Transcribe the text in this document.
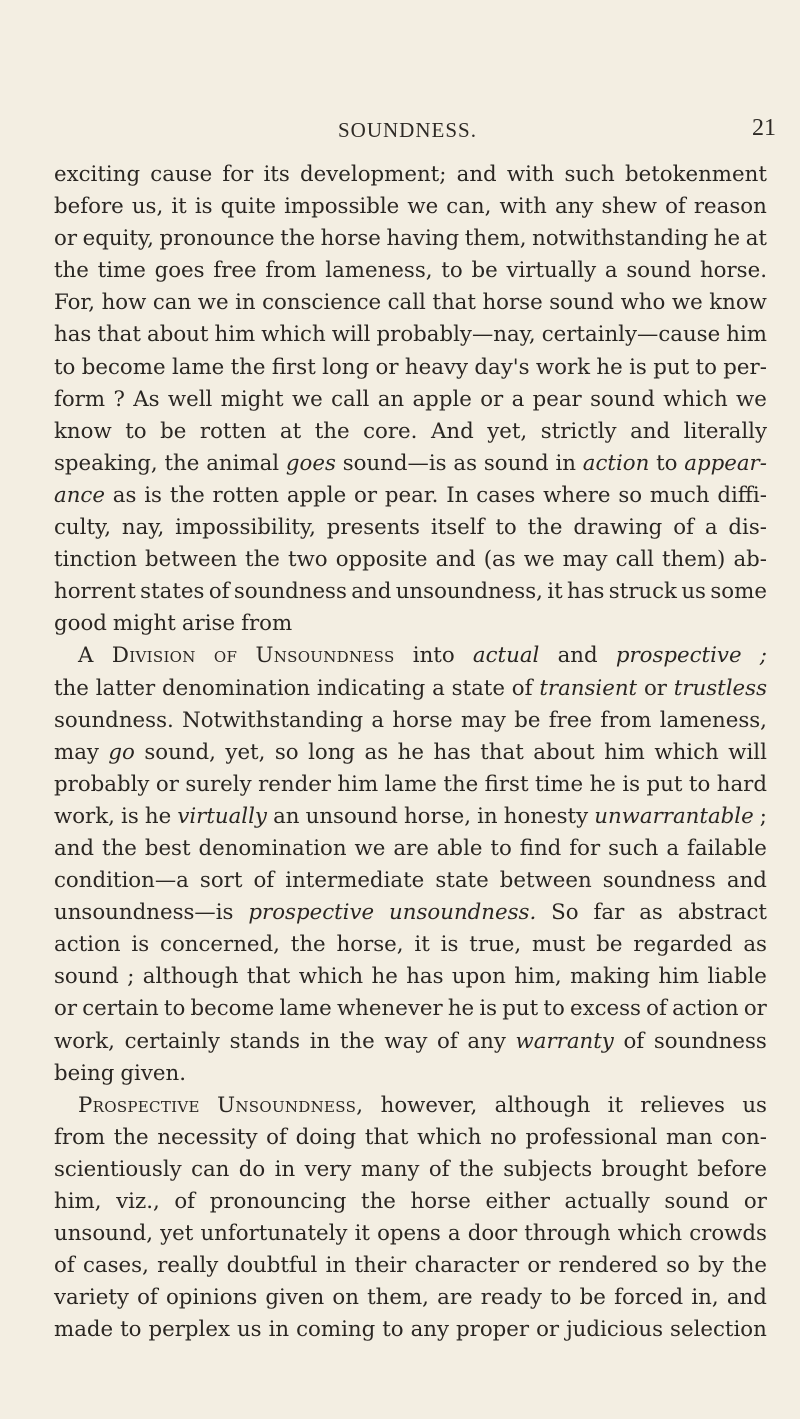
SOUNDNESS.	21
exciting cause for its development; and with such betokenment
before us, it is quite impossible we can, with any shew of reason
or equity, pronounce the horse having them, notwithstanding he at
the time goes free from lameness, to be virtually a sound horse.
For, how can we in conscience call that horse sound who we know
has that about him which will probably—nay, certainly—cause him
to become lame the first long or heavy day's work he is put to per-
form ? As well might we call an apple or a pear sound which we
know to be rotten at the core. And yet, strictly and literally
speaking, the animal goes sound—is as sound in action to appear-
ance as is the rotten apple or pear. In cases where so much diffi-
culty, nay, impossibility, presents itself to the drawing of a dis-
tinction between the two opposite and (as we may call them) ab-
horrent states of soundness and unsoundness, it has struck us some
good might arise from
A Division of Unsoundness into actual and prospective ;
the latter denomination indicating a state of transient or trustless
soundness. Notwithstanding a horse may be free from lameness,
may go sound, yet, so long as he has that about him which will
probably or surely render him lame the first time he is put to hard
work, is he virtually an unsound horse, in honesty unwarrantable ;
and the best denomination we are able to find for such a failable
condition—a sort of intermediate state between soundness and
unsoundness—is prospective unsoundness. So far as abstract
action is concerned, the horse, it is true, must be regarded as
sound ; although that which he has upon him, making him liable
or certain to become lame whenever he is put to excess of action or
work, certainly stands in the way of any warranty of soundness
being given.
Prospective Unsoundness, however, although it relieves us
from the necessity of doing that which no professional man con-
scientiously can do in very many of the subjects brought before
him, viz., of pronouncing the horse either actually sound or
unsound, yet unfortunately it opens a door through which crowds
of cases, really doubtful in their character or rendered so by the
variety of opinions given on them, are ready to be forced in, and
made to perplex us in coming to any proper or judicious selection
